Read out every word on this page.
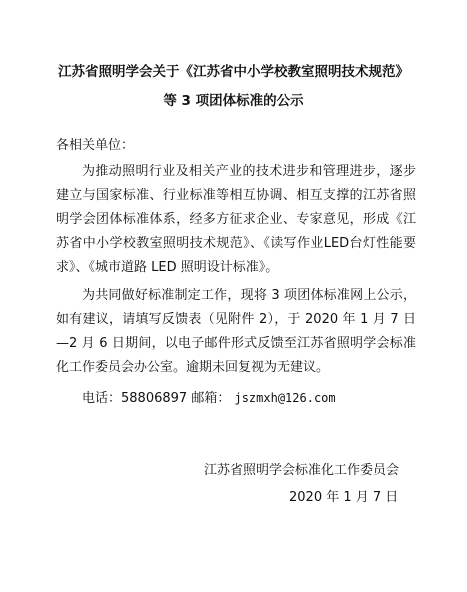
江苏省照明学会关于《江苏省中小学校教室照明技术规范》
等 3 项团体标准的公示
各相关单位：

为推动照明行业及相关产业的技术进步和管理进步，逐步建立与国家标准、行业标准等相互协调、相互支撑的江苏省照明学会团体标准体系，经多方征求企业、专家意见，形成《江苏省中小学校教室照明技术规范》、《读写作业LED台灯性能要求》、《城市道路 LED 照明设计标准》。

为共同做好标准制定工作，现将 3 项团体标准网上公示，如有建议，请填写反馈表（见附件 2），于 2020 年 1 月 7 日—2 月 6 日期间，以电子邮件形式反馈至江苏省照明学会标准化工作委员会办公室。逾期未回复视为无建议。

电话：58806897 邮箱： jszmxh@126.com
江苏省照明学会标准化工作委员会
2020 年 1 月 7 日
